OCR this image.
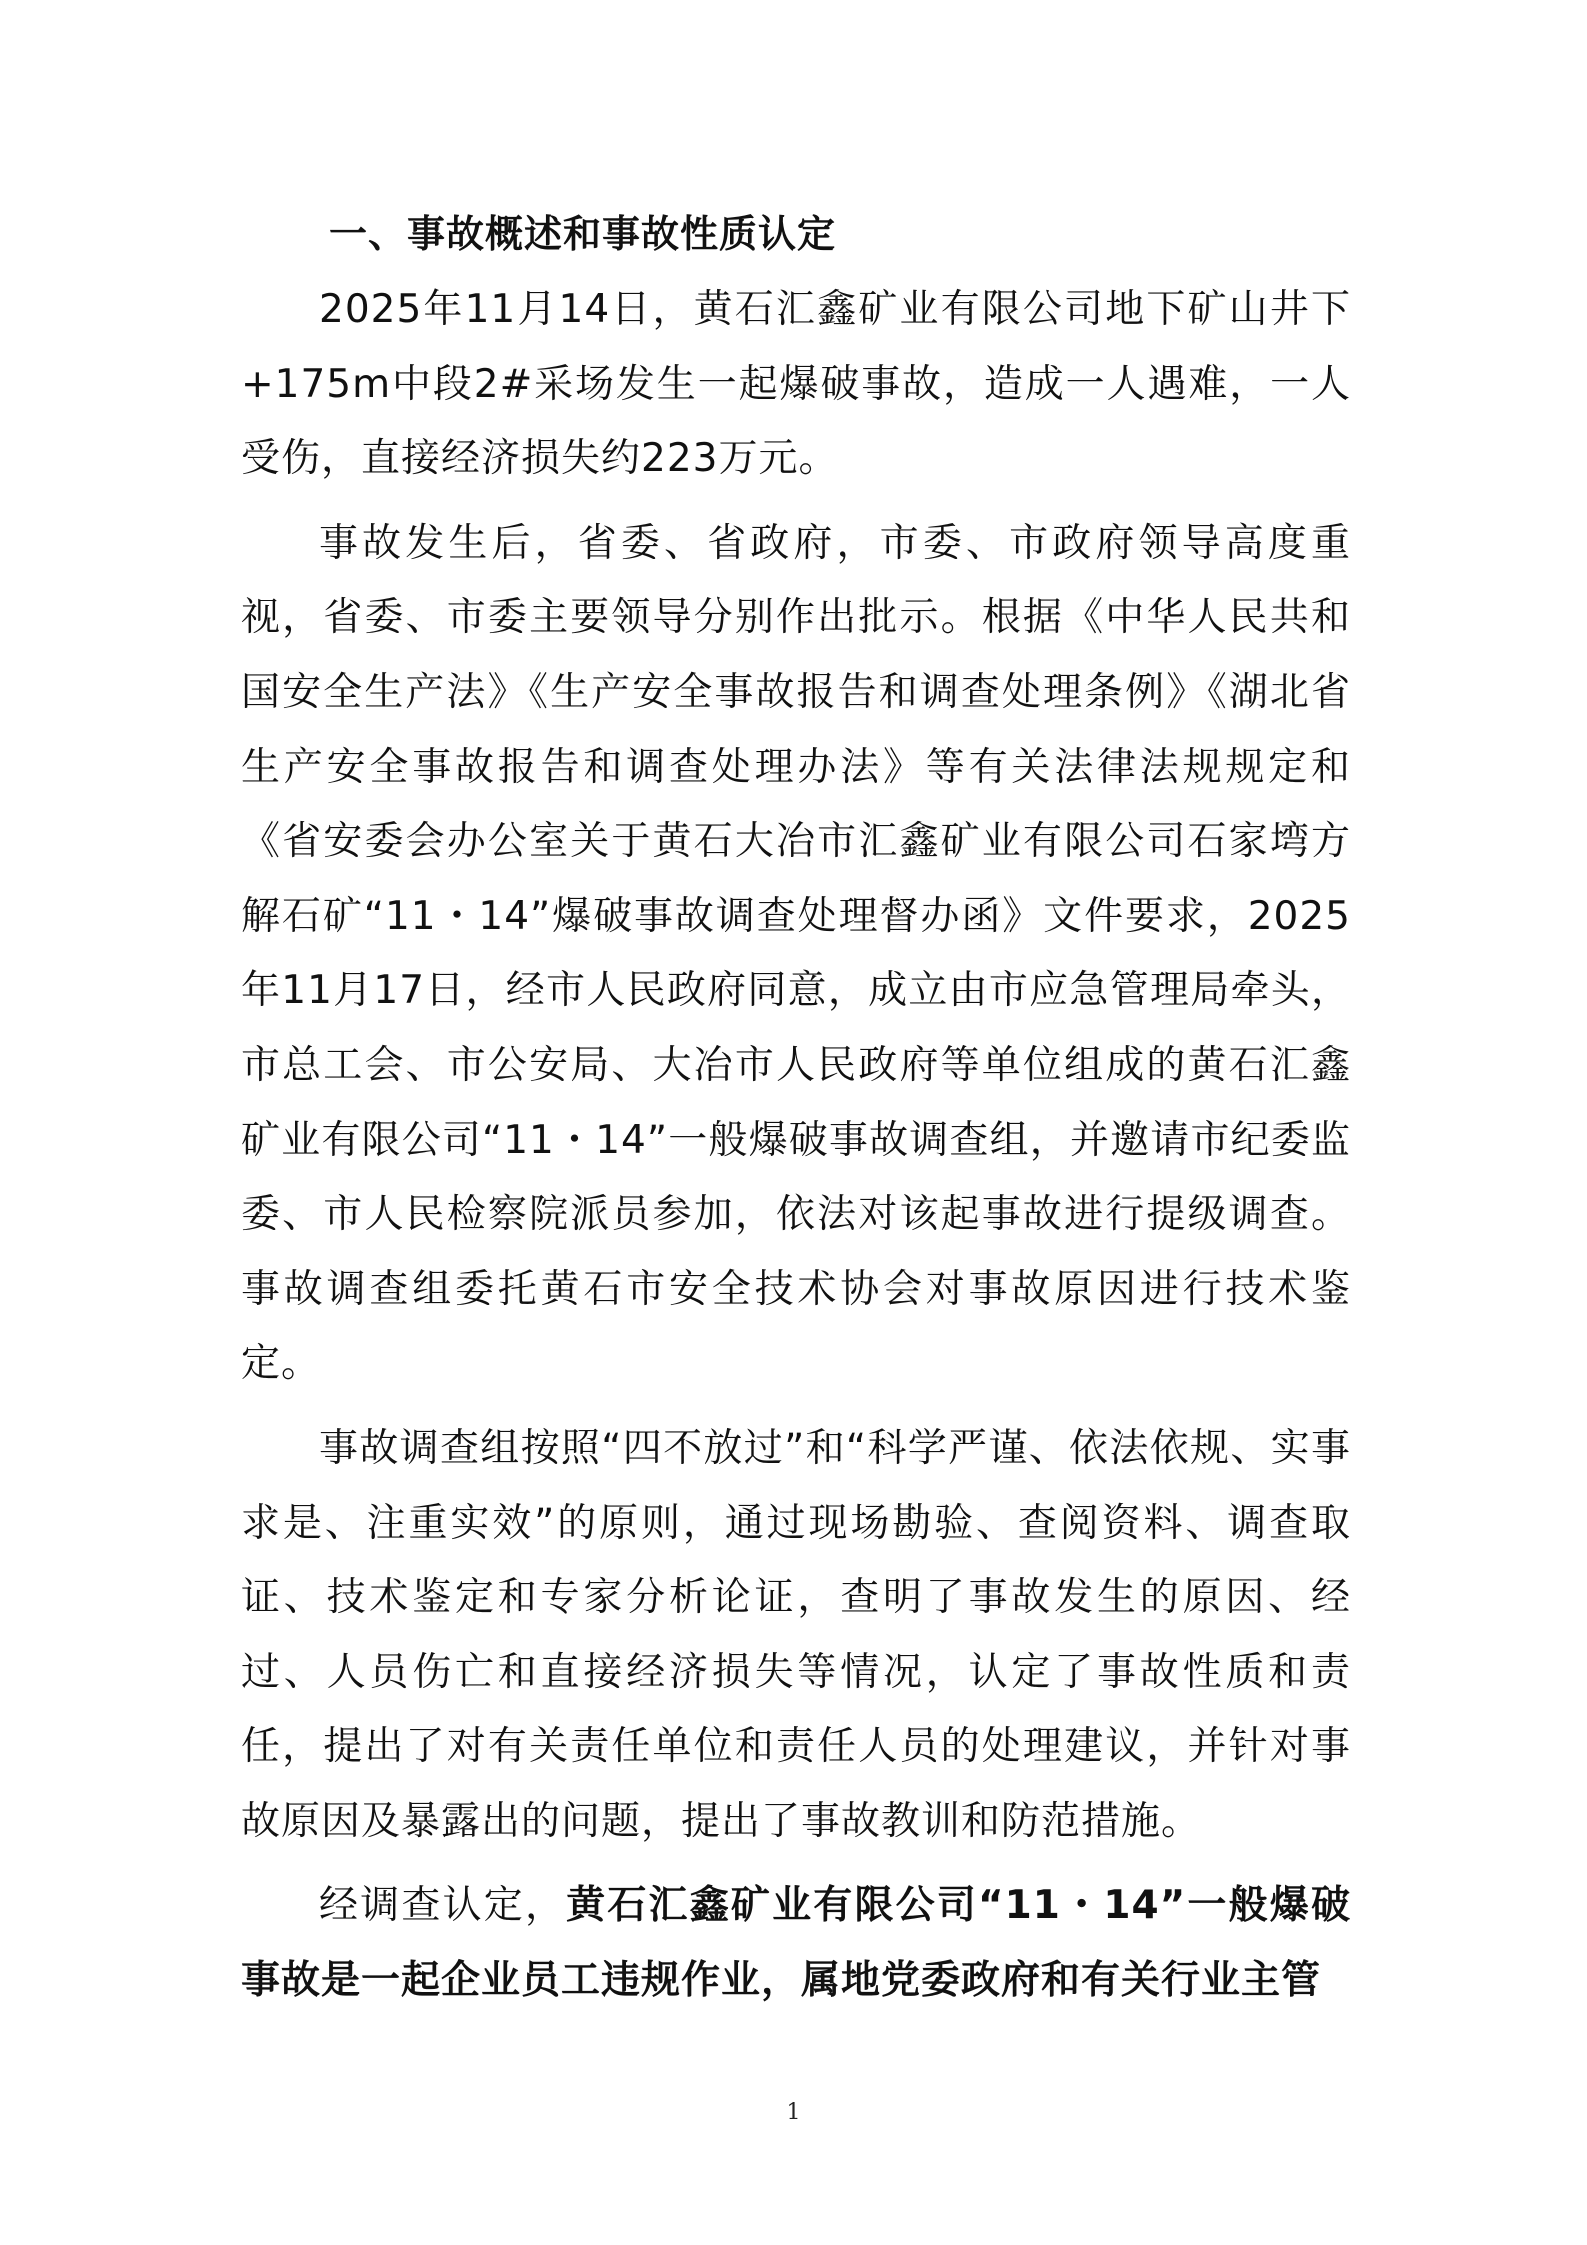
一、事故概述和事故性质认定

2025年11月14日，黄石汇鑫矿业有限公司地下矿山井下+175m中段2#采场发生一起爆破事故，造成一人遇难，一人受伤，直接经济损失约223万元。

事故发生后，省委、省政府，市委、市政府领导高度重视，省委、市委主要领导分别作出批示。根据《中华人民共和国安全生产法》《生产安全事故报告和调查处理条例》《湖北省生产安全事故报告和调查处理办法》等有关法律法规规定和《省安委会办公室关于黄石大冶市汇鑫矿业有限公司石家塆方解石矿“11・14”爆破事故调查处理督办函》文件要求，2025年11月17日，经市人民政府同意，成立由市应急管理局牵头，市总工会、市公安局、大冶市人民政府等单位组成的黄石汇鑫矿业有限公司“11・14”一般爆破事故调查组，并邀请市纪委监委、市人民检察院派员参加，依法对该起事故进行提级调查。事故调查组委托黄石市安全技术协会对事故原因进行技术鉴定。

事故调查组按照“四不放过”和“科学严谨、依法依规、实事求是、注重实效”的原则，通过现场勘验、查阅资料、调查取证、技术鉴定和专家分析论证，查明了事故发生的原因、经过、人员伤亡和直接经济损失等情况，认定了事故性质和责任，提出了对有关责任单位和责任人员的处理建议，并针对事故原因及暴露出的问题，提出了事故教训和防范措施。

经调查认定，黄石汇鑫矿业有限公司“11・14”一般爆破事故是一起企业员工违规作业，属地党委政府和有关行业主管

1
